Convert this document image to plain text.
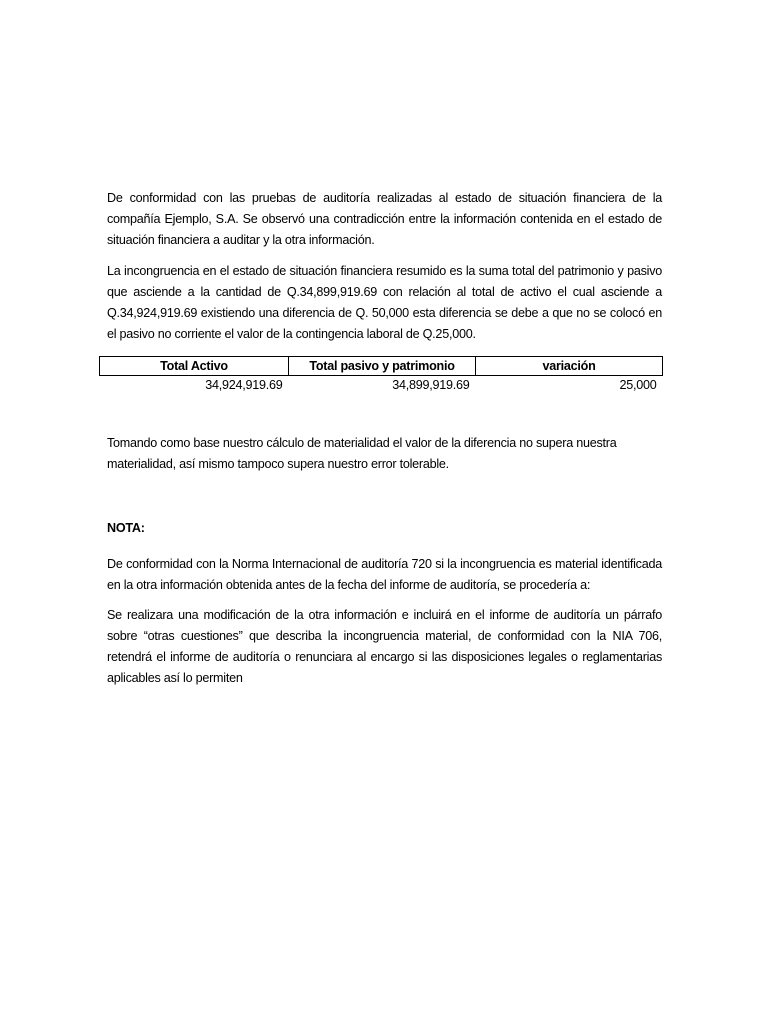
De conformidad con las pruebas de auditoría realizadas al estado de situación financiera de la compañía Ejemplo, S.A. Se observó una contradicción entre la información contenida en el estado de situación financiera a auditar y la otra información.

La incongruencia en el estado de situación financiera resumido es la suma total del patrimonio y pasivo que asciende a la cantidad de Q.34,899,919.69 con relación al total de activo el cual asciende a Q.34,924,919.69 existiendo una diferencia de Q. 50,000 esta diferencia se debe a que no se colocó en el pasivo no corriente el valor de la contingencia laboral de Q.25,000.

Total Activo	Total pasivo y patrimonio	variación
34,924,919.69	34,899,919.69	25,000

Tomando como base nuestro cálculo de materialidad el valor de la diferencia no supera nuestra materialidad, así mismo tampoco supera nuestro error tolerable.

NOTA:

De conformidad con la Norma Internacional de auditoría 720 si la incongruencia es material identificada en la otra información obtenida antes de la fecha del informe de auditoría, se procedería a:

Se realizara una modificación de la otra información e incluirá en el informe de auditoría un párrafo sobre “otras cuestiones” que describa la incongruencia material, de conformidad con la NIA 706, retendrá el informe de auditoría o renunciara al encargo si las disposiciones legales o reglamentarias aplicables así lo permiten
